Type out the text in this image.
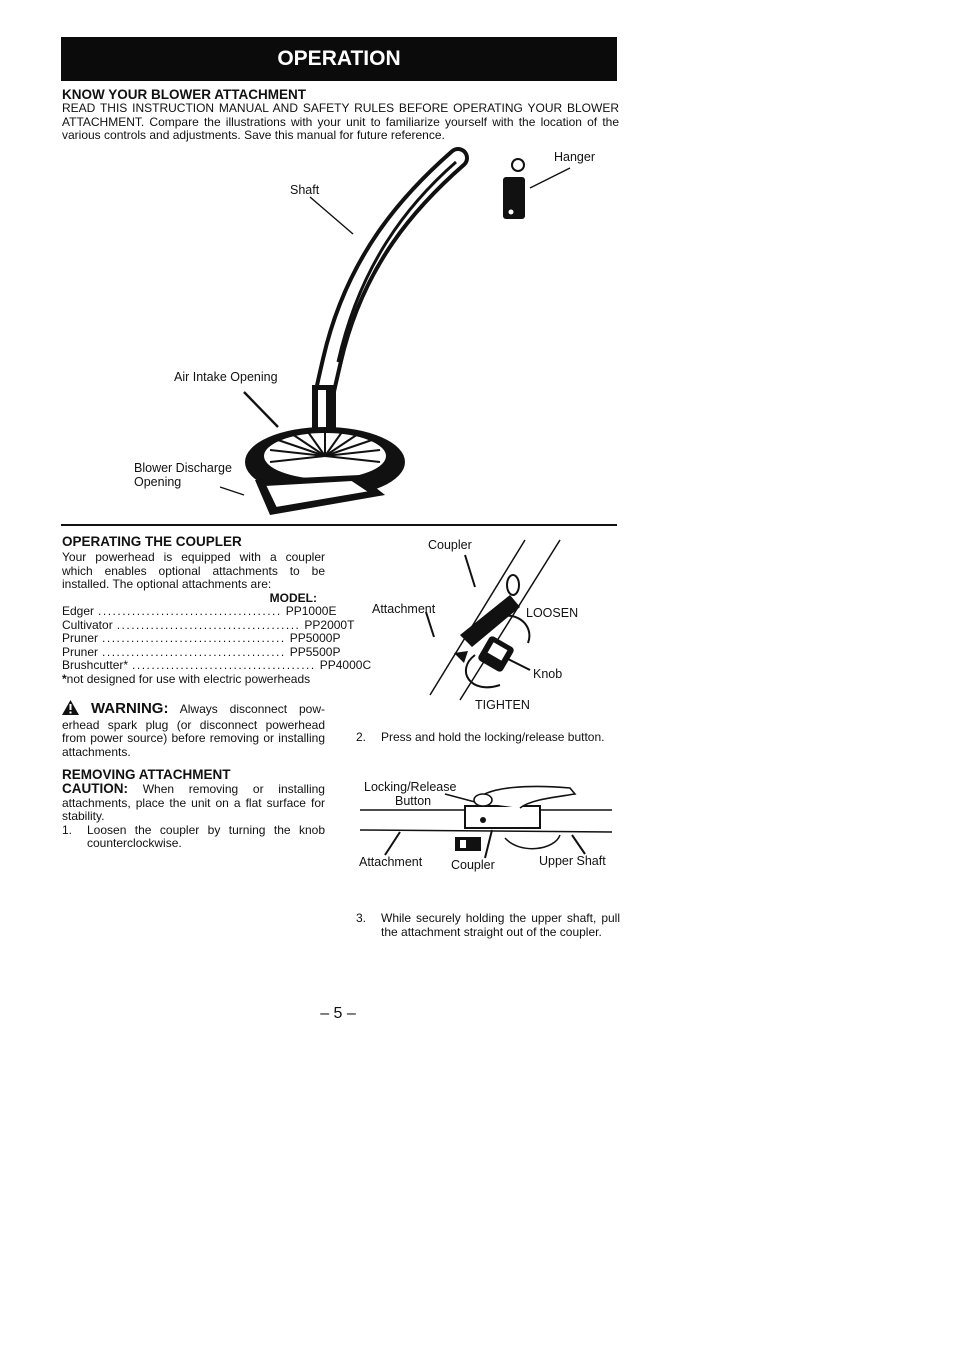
OPERATION
KNOW YOUR BLOWER ATTACHMENT
READ THIS INSTRUCTION MANUAL AND SAFETY RULES BEFORE OPERATING YOUR BLOWER ATTACHMENT. Compare the illustrations with your unit to familiarize yourself with the location of the various controls and adjustments. Save this manual for future reference.
Hanger
Shaft
Air Intake Opening
Blower Discharge
Opening
OPERATING THE COUPLER
Your powerhead is equipped with a coupler which enables optional attachments to be installed. The optional attachments are:
MODEL:
Edger ...................................... PP1000E
Cultivator ...................................... PP2000T
Pruner ...................................... PP5000P
Pruner ...................................... PP5500P
Brushcutter* ...................................... PP4000C
*not designed for use with electric powerheads
WARNING: Always disconnect pow-erhead spark plug (or disconnect powerhead from power source) before removing or installing attachments.
REMOVING ATTACHMENT
CAUTION: When removing or installing attachments, place the unit on a flat surface for stability.
1.	Loosen the coupler by turning the knob counterclockwise.
Coupler
Attachment	LOOSEN
Knob
TIGHTEN
2.	Press and hold the locking/release button.
Locking/Release
Button
Attachment Coupler	Upper Shaft
3.	While securely holding the upper shaft, pull the attachment straight out of the coupler.
– 5 –
